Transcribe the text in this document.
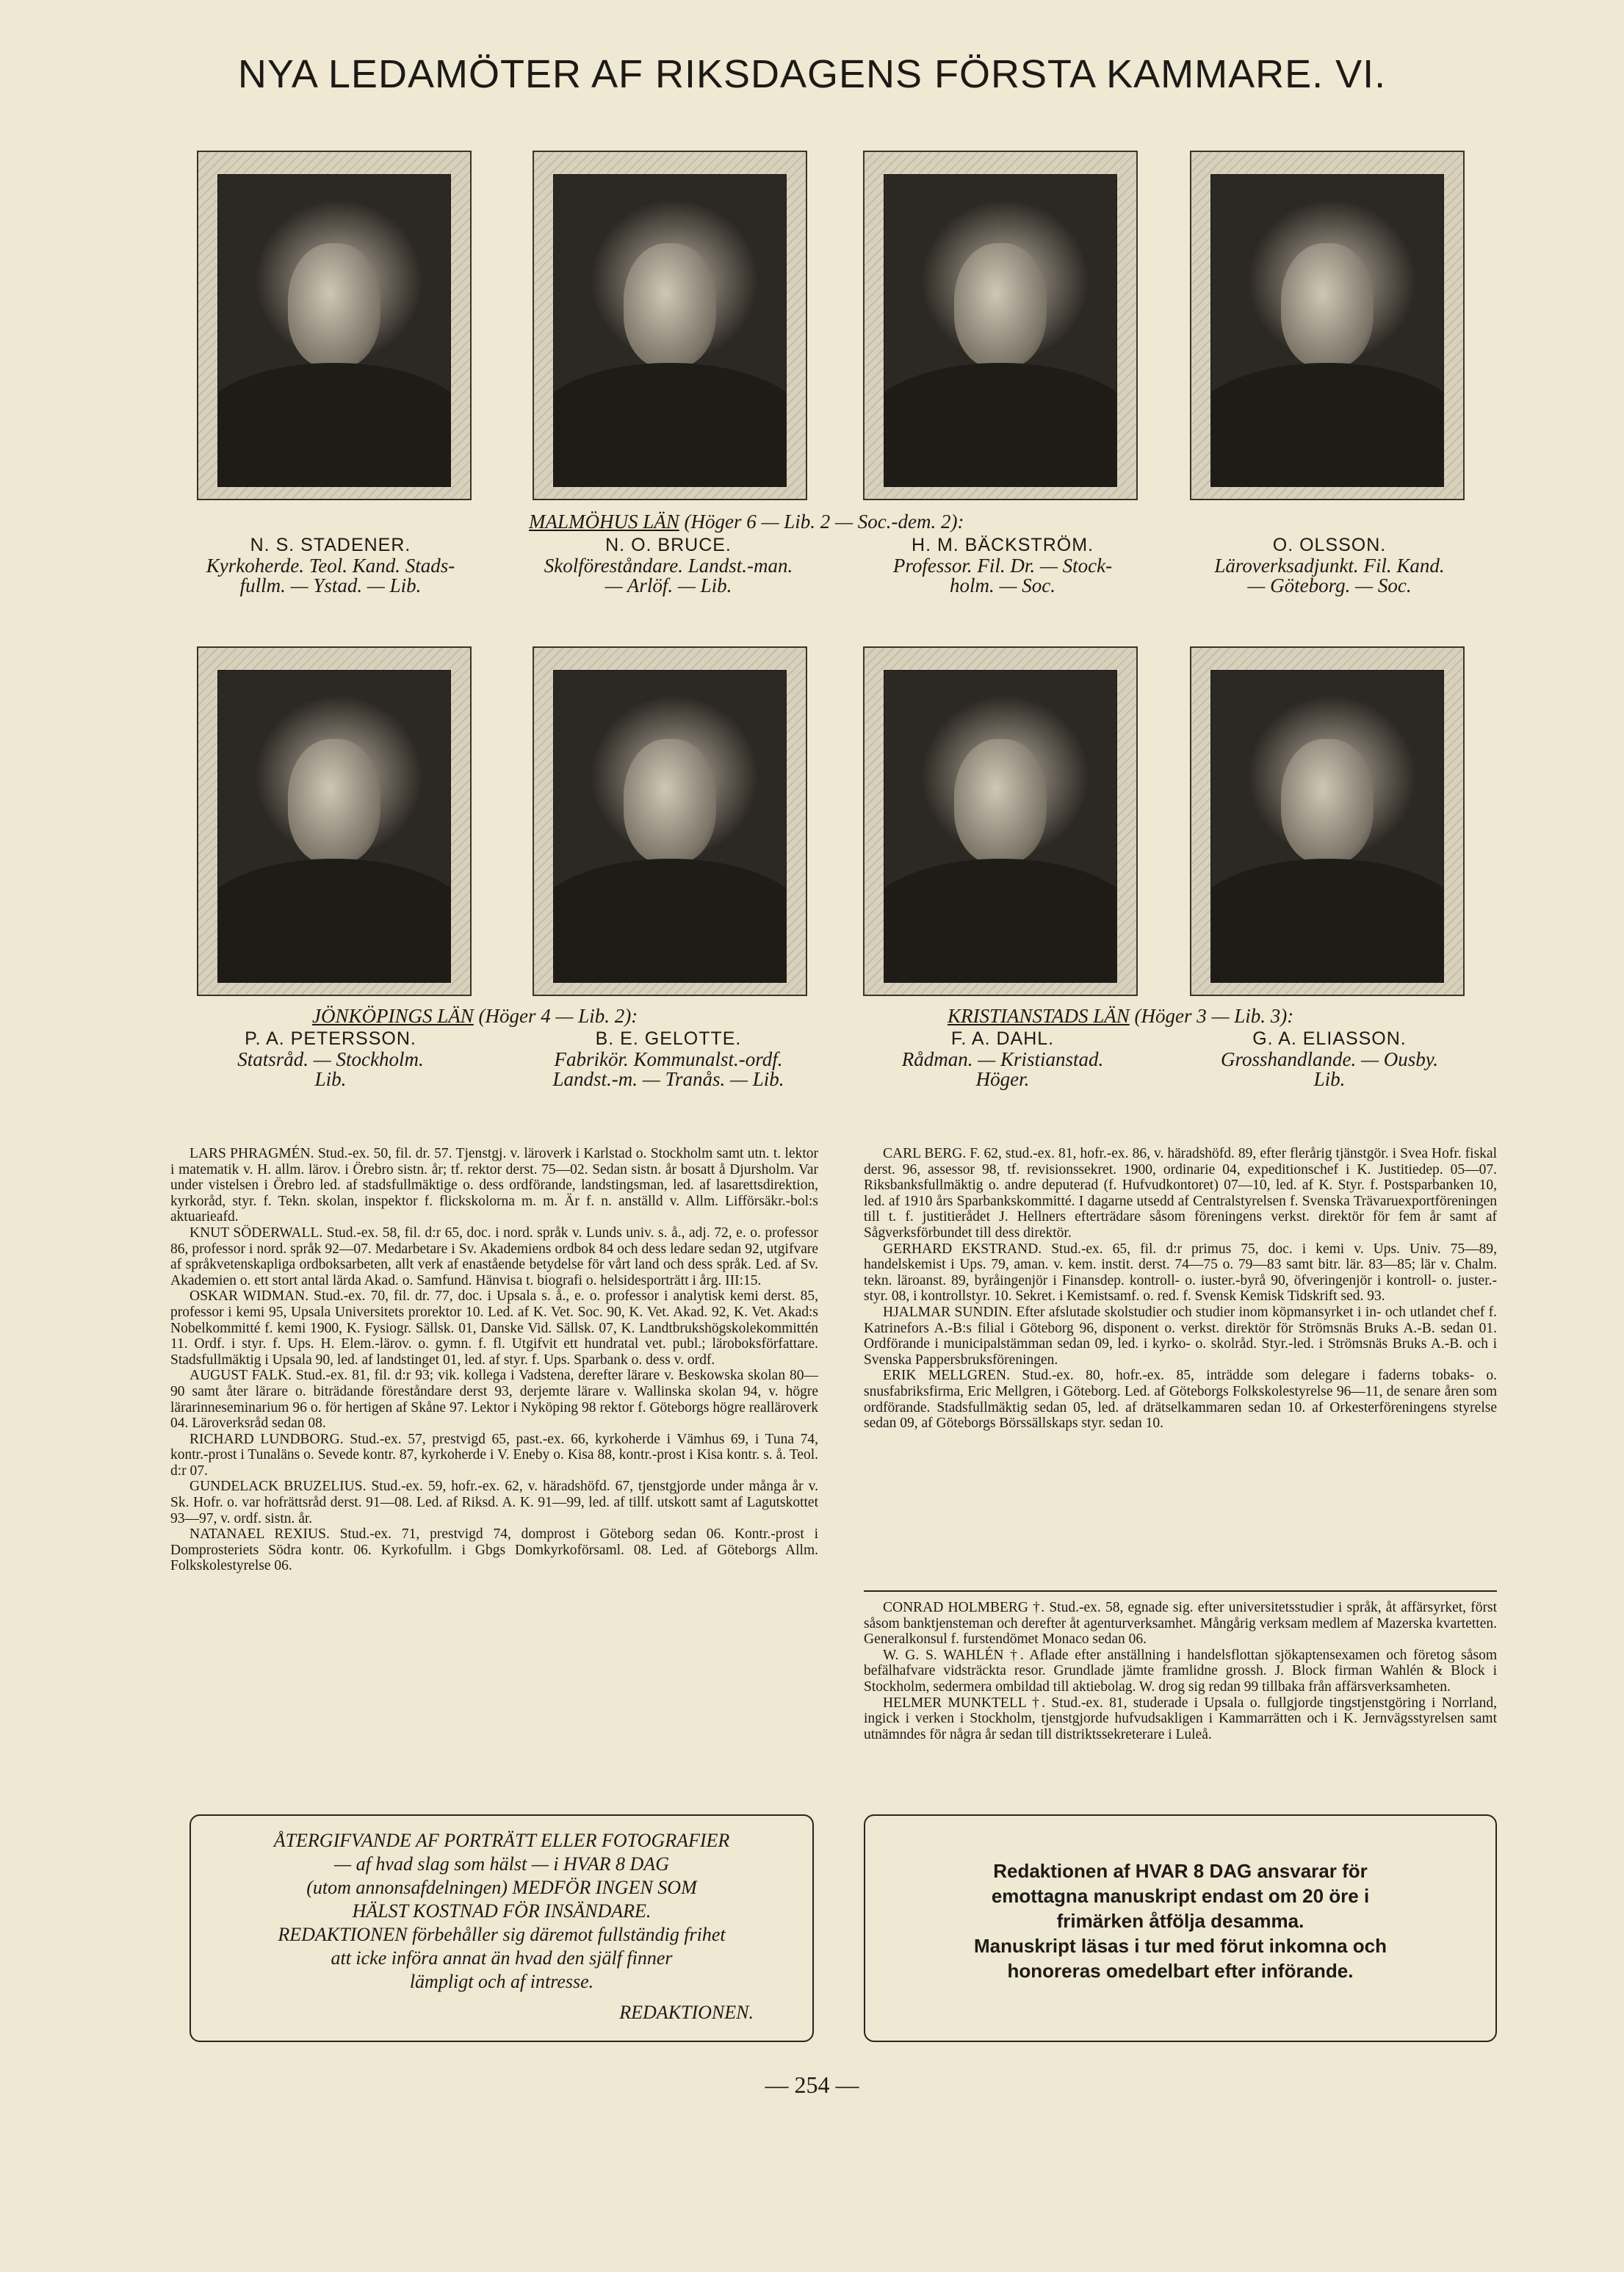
NYA LEDAMÖTER AF RIKSDAGENS FÖRSTA KAMMARE. VI.
MALMÖHUS LÄN (Höger 6 — Lib. 2 — Soc.-dem. 2):
N. S. STADENER.
Kyrkoherde. Teol. Kand. Stads-
fullm. — Ystad. — Lib.
N. O. BRUCE.
Skolföreståndare. Landst.-man.
— Arlöf. — Lib.
H. M. BÄCKSTRÖM.
Professor. Fil. Dr. — Stock-
holm. — Soc.
O. OLSSON.
Läroverksadjunkt. Fil. Kand.
— Göteborg. — Soc.
JÖNKÖPINGS LÄN (Höger 4 — Lib. 2):	KRISTIANSTADS LÄN (Höger 3 — Lib. 3):
P. A. PETERSSON.
Statsråd. — Stockholm.
Lib.
B. E. GELOTTE.
Fabrikör. Kommunalst.-ordf.
Landst.-m. — Tranås. — Lib.
F. A. DAHL.
Rådman. — Kristianstad.
Höger.
G. A. ELIASSON.
Grosshandlande. — Ousby.
Lib.

LARS PHRAGMÉN. Stud.-ex. 50, fil. dr. 57. Tjenstgj. v. läroverk i Karlstad o. Stockholm samt utn. t. lektor i matematik v. H. allm. lärov. i Örebro sistn. år; tf. rektor derst. 75—02. Sedan sistn. år bosatt å Djursholm. Var under vistelsen i Örebro led. af stadsfullmäktige o. dess ordförande, landstingsman, led. af lasarettsdirektion, kyrkoråd, styr. f. Tekn. skolan, inspektor f. flickskolorna m. m. Är f. n. anställd v. Allm. Lifförsäkr.-bol:s aktuarieafd.

KNUT SÖDERWALL. Stud.-ex. 58, fil. d:r 65, doc. i nord. språk v. Lunds univ. s. å., adj. 72, e. o. professor 86, professor i nord. språk 92—07. Medarbetare i Sv. Akademiens ordbok 84 och dess ledare sedan 92, utgifvare af språkvetenskapliga ordboksarbeten, allt verk af enastående betydelse för vårt land och dess språk. Led. af Sv. Akademien o. ett stort antal lärda Akad. o. Samfund. Hänvisa t. biografi o. helsidesporträtt i årg. III:15.

OSKAR WIDMAN. Stud.-ex. 70, fil. dr. 77, doc. i Upsala s. å., e. o. professor i analytisk kemi derst. 85, professor i kemi 95, Upsala Universitets prorektor 10. Led. af K. Vet. Soc. 90, K. Vet. Akad. 92, K. Vet. Akad:s Nobelkommitté f. kemi 1900, K. Fysiogr. Sällsk. 01, Danske Vid. Sällsk. 07, K. Landtbrukshögskolekommittén 11. Ordf. i styr. f. Ups. H. Elem.-lärov. o. gymn. f. fl. Utgifvit ett hundratal vet. publ.; läroboksförfattare. Stadsfullmäktig i Upsala 90, led. af landstinget 01, led. af styr. f. Ups. Sparbank o. dess v. ordf.

AUGUST FALK. Stud.-ex. 81, fil. d:r 93; vik. kollega i Vadstena, derefter lärare v. Beskowska skolan 80—90 samt åter lärare o. biträdande föreståndare derst 93, derjemte lärare v. Wallinska skolan 94, v. högre lärarinneseminarium 96 o. för hertigen af Skåne 97. Lektor i Nyköping 98 rektor f. Göteborgs högre realläroverk 04. Läroverksråd sedan 08.

RICHARD LUNDBORG. Stud.-ex. 57, prestvigd 65, past.-ex. 66, kyrkoherde i Vämhus 69, i Tuna 74, kontr.-prost i Tunaläns o. Sevede kontr. 87, kyrkoherde i V. Eneby o. Kisa 88, kontr.-prost i Kisa kontr. s. å. Teol. d:r 07.

GUNDELACK BRUZELIUS. Stud.-ex. 59, hofr.-ex. 62, v. häradshöfd. 67, tjenstgjorde under många år v. Sk. Hofr. o. var hofrättsråd derst. 91—08. Led. af Riksd. A. K. 91—99, led. af tillf. utskott samt af Lagutskottet 93—97, v. ordf. sistn. år.

NATANAEL REXIUS. Stud.-ex. 71, prestvigd 74, domprost i Göteborg sedan 06. Kontr.-prost i Domprosteriets Södra kontr. 06. Kyrkofullm. i Gbgs Domkyrkoförsaml. 08. Led. af Göteborgs Allm. Folkskolestyrelse 06.

CARL BERG. F. 62, stud.-ex. 81, hofr.-ex. 86, v. häradshöfd. 89, efter flerårig tjänstgör. i Svea Hofr. fiskal derst. 96, assessor 98, tf. revisionssekret. 1900, ordinarie 04, expeditionschef i K. Justitiedep. 05—07. Riksbanksfullmäktig o. andre deputerad (f. Hufvudkontoret) 07—10, led. af K. Styr. f. Postsparbanken 10, led. af 1910 års Sparbankskommitté. I dagarne utsedd af Centralstyrelsen f. Svenska Trävaruexportföreningen till t. f. justitierådet J. Hellners efterträdare såsom föreningens verkst. direktör för fem år samt af Sågverksförbundet till dess direktör.

GERHARD EKSTRAND. Stud.-ex. 65, fil. d:r primus 75, doc. i kemi v. Ups. Univ. 75—89, handelskemist i Ups. 79, aman. v. kem. instit. derst. 74—75 o. 79—83 samt bitr. lär. 83—85; lär v. Chalm. tekn. läroanst. 89, byråingenjör i Finansdep. kontroll- o. iuster.-byrå 90, öfveringenjör i kontroll- o. juster.-styr. 08, i kontrollstyr. 10. Sekret. i Kemistsamf. o. red. f. Svensk Kemisk Tidskrift sed. 93.

HJALMAR SUNDIN. Efter afslutade skolstudier och studier inom köpmansyrket i in- och utlandet chef f. Katrinefors A.-B:s filial i Göteborg 96, disponent o. verkst. direktör för Strömsnäs Bruks A.-B. sedan 01. Ordförande i municipalstämman sedan 09, led. i kyrko- o. skolråd. Styr.-led. i Strömsnäs Bruks A.-B. och i Svenska Pappersbruksföreningen.

ERIK MELLGREN. Stud.-ex. 80, hofr.-ex. 85, inträdde som delegare i faderns tobaks- o. snusfabriksfirma, Eric Mellgren, i Göteborg. Led. af Göteborgs Folkskolestyrelse 96—11, de senare åren som ordförande. Stadsfullmäktig sedan 05, led. af drätselkammaren sedan 10. af Orkesterföreningens styrelse sedan 09, af Göteborgs Börssällskaps styr. sedan 10.

CONRAD HOLMBERG †. Stud.-ex. 58, egnade sig. efter universitetsstudier i språk, åt affärsyrket, först såsom banktjensteman och derefter åt agenturverksamhet. Mångårig verksam medlem af Mazerska kvartetten. Generalkonsul f. furstendömet Monaco sedan 06.

W. G. S. WAHLÉN †. Aflade efter anställning i handelsflottan sjökaptensexamen och företog såsom befälhafvare vidsträckta resor. Grundlade jämte framlidne grossh. J. Block firman Wahlén & Block i Stockholm, sedermera ombildad till aktiebolag. W. drog sig redan 99 tillbaka från affärsverksamheten.

HELMER MUNKTELL †. Stud.-ex. 81, studerade i Upsala o. fullgjorde tingstjenstgöring i Norrland, ingick i verken i Stockholm, tjenstgjorde hufvudsakligen i Kammarrätten och i K. Jernvägsstyrelsen samt utnämndes för några år sedan till distriktssekreterare i Luleå.

ÅTERGIFVANDE AF PORTRÄTT ELLER FOTOGRAFIER

— af hvad slag som hälst — i HVAR 8 DAG

(utom annonsafdelningen) MEDFÖR INGEN SOM

HÄLST KOSTNAD FÖR INSÄNDARE.

REDAKTIONEN förbehåller sig däremot fullständig frihet

att icke införa annat än hvad den själf finner

lämpligt och af intresse.

REDAKTIONEN.

Redaktionen af HVAR 8 DAG ansvarar för

emottagna manuskript endast om 20 öre i

frimärken åtfölja desamma.

Manuskript läsas i tur med förut inkomna och

honoreras omedelbart efter införande.

— 254 —
